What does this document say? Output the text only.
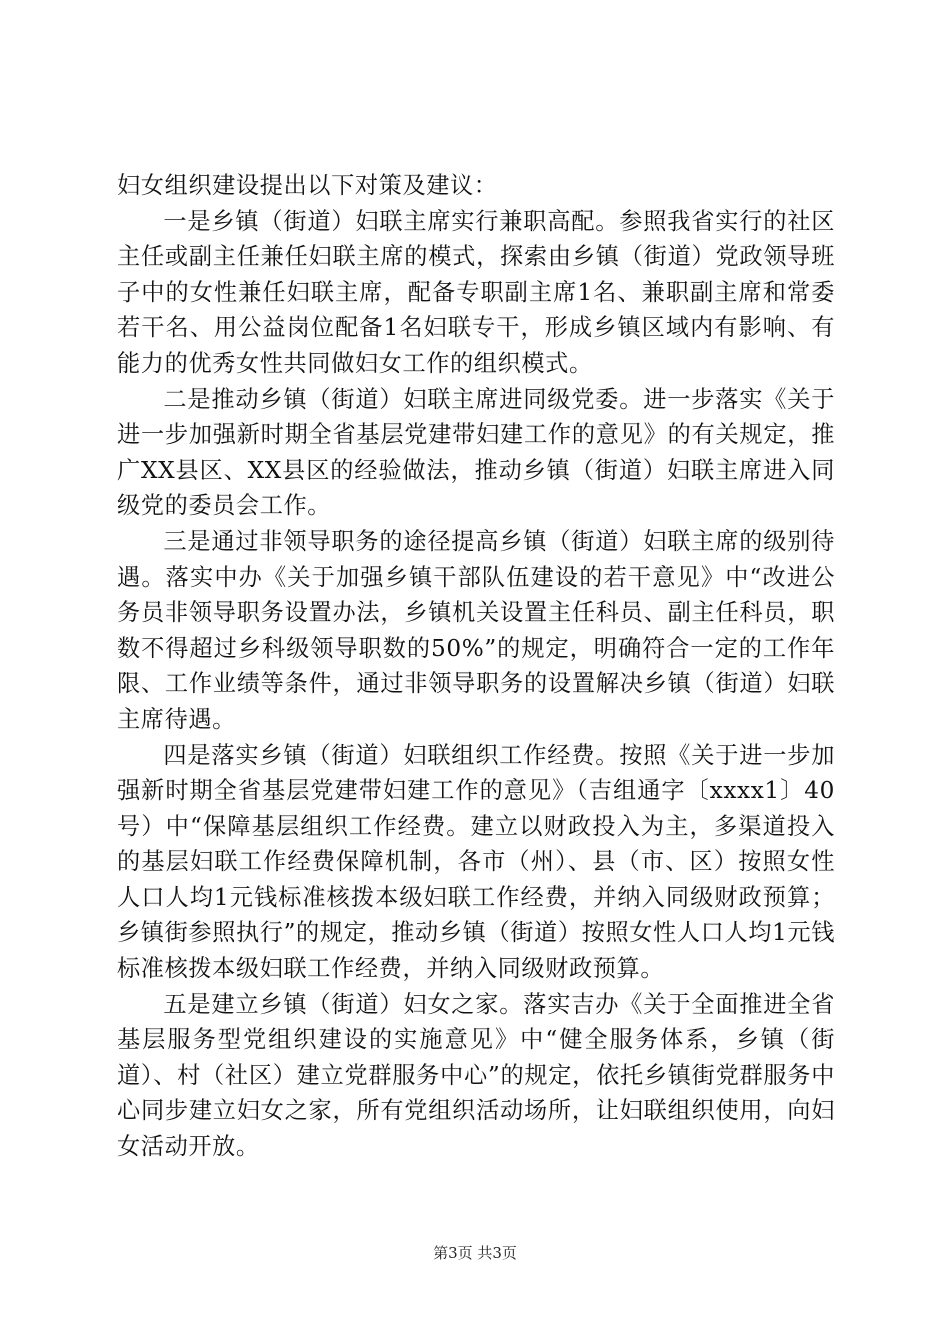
妇女组织建设提出以下对策及建议：

一是乡镇（街道）妇联主席实行兼职高配。参照我省实行的社区主任或副主任兼任妇联主席的模式，探索由乡镇（街道）党政领导班子中的女性兼任妇联主席，配备专职副主席1名、兼职副主席和常委若干名、用公益岗位配备1名妇联专干，形成乡镇区域内有影响、有能力的优秀女性共同做妇女工作的组织模式。

二是推动乡镇（街道）妇联主席进同级党委。进一步落实《关于进一步加强新时期全省基层党建带妇建工作的意见》的有关规定，推广XX县区、XX县区的经验做法，推动乡镇（街道）妇联主席进入同级党的委员会工作。

三是通过非领导职务的途径提高乡镇（街道）妇联主席的级别待遇。落实中办《关于加强乡镇干部队伍建设的若干意见》中“改进公务员非领导职务设置办法，乡镇机关设置主任科员、副主任科员，职数不得超过乡科级领导职数的50%”的规定，明确符合一定的工作年限、工作业绩等条件，通过非领导职务的设置解决乡镇（街道）妇联主席待遇。

四是落实乡镇（街道）妇联组织工作经费。按照《关于进一步加强新时期全省基层党建带妇建工作的意见》（吉组通字〔xxxx1〕40号）中“保障基层组织工作经费。建立以财政投入为主，多渠道投入的基层妇联工作经费保障机制，各市（州）、县（市、区）按照女性人口人均1元钱标准核拨本级妇联工作经费，并纳入同级财政预算；乡镇街参照执行”的规定，推动乡镇（街道）按照女性人口人均1元钱标准核拨本级妇联工作经费，并纳入同级财政预算。

五是建立乡镇（街道）妇女之家。落实吉办《关于全面推进全省基层服务型党组织建设的实施意见》中“健全服务体系，乡镇（街道）、村（社区）建立党群服务中心”的规定，依托乡镇街党群服务中心同步建立妇女之家，所有党组织活动场所，让妇联组织使用，向妇女活动开放。

第3页 共3页
